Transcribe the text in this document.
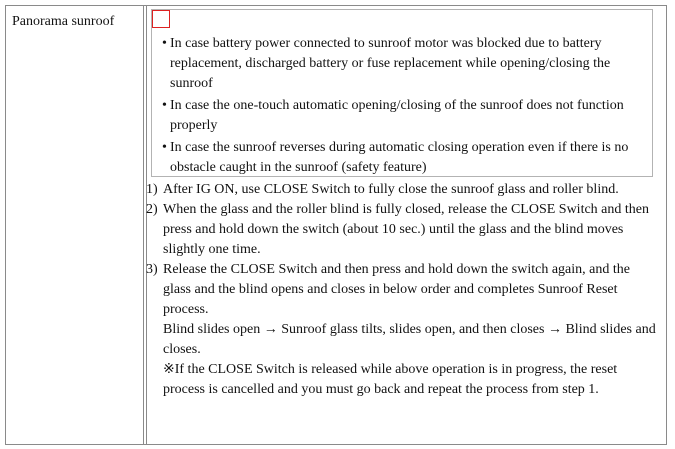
Panorama sunroof
• In case battery power connected to sunroof motor was blocked due to battery replacement, discharged battery or fuse replacement while opening/closing the sunroof
• In case the one-touch automatic opening/closing of the sunroof does not function properly
• In case the sunroof reverses during automatic closing operation even if there is no obstacle caught in the sunroof (safety feature)
1) After IG ON, use CLOSE Switch to fully close the sunroof glass and roller blind.

2) When the glass and the roller blind is fully closed, release the CLOSE Switch and then press and hold down the switch (about 10 sec.) until the glass and the blind moves slightly one time.

3) Release the CLOSE Switch and then press and hold down the switch again, and the glass and the blind opens and closes in below order and completes Sunroof Reset process.

Blind slides open → Sunroof glass tilts, slides open, and then closes → Blind slides and closes.

※If the CLOSE Switch is released while above operation is in progress, the reset process is cancelled and you must go back and repeat the process from step 1.
